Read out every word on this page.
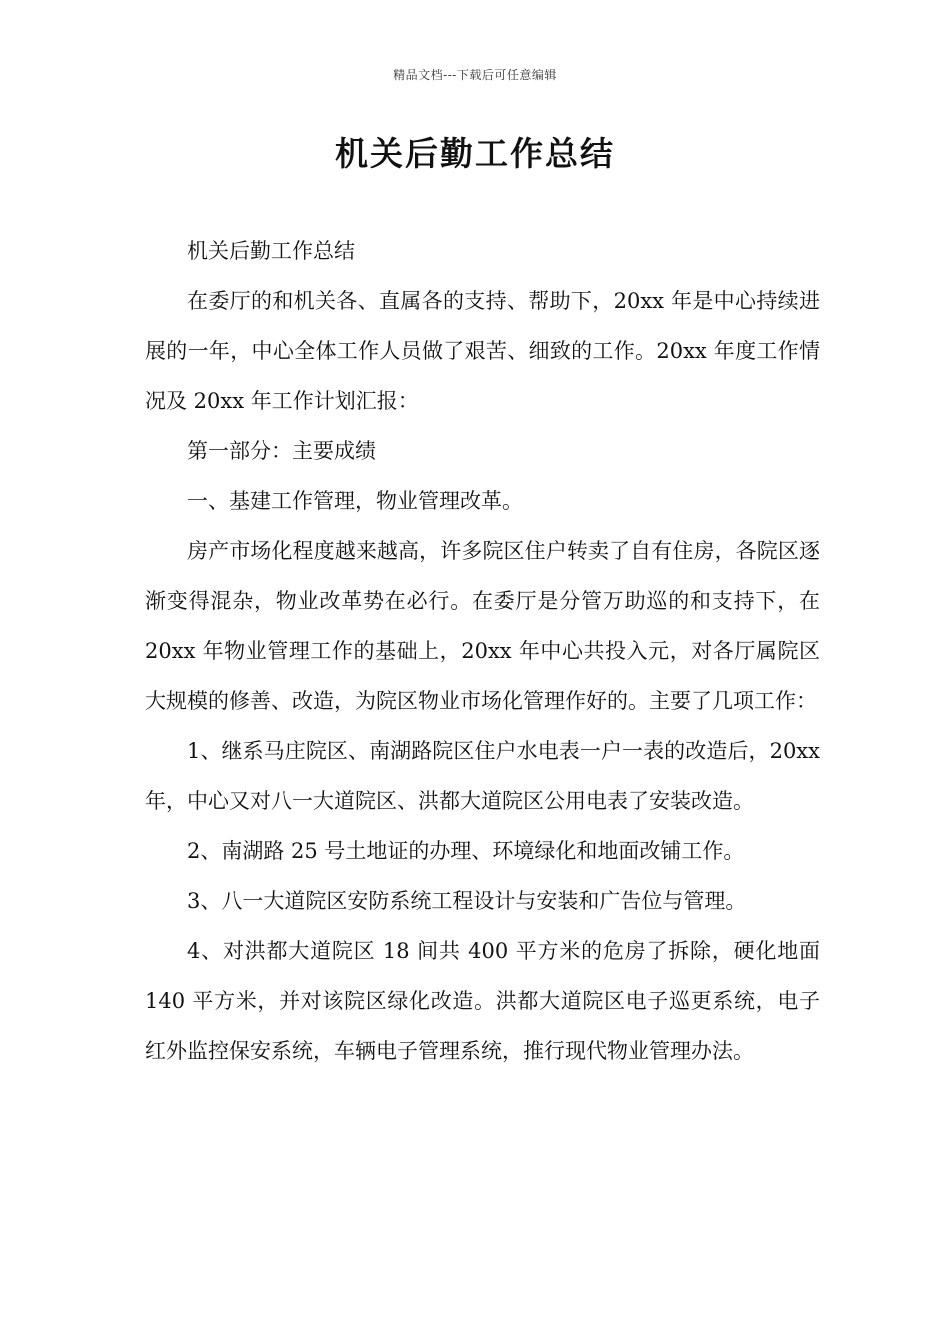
精品文档---下载后可任意编辑
机关后勤工作总结

机关后勤工作总结

在委厅的和机关各、直属各的支持、帮助下，20xx 年是中心持续进展的一年，中心全体工作人员做了艰苦、细致的工作。20xx 年度工作情况及 20xx 年工作计划汇报：

第一部分：主要成绩

一、基建工作管理，物业管理改革。

房产市场化程度越来越高，许多院区住户转卖了自有住房，各院区逐渐变得混杂，物业改革势在必行。在委厅是分管万助巡的和支持下，在 20xx 年物业管理工作的基础上，20xx 年中心共投入元，对各厅属院区大规模的修善、改造，为院区物业市场化管理作好的。主要了几项工作：

1、继系马庄院区、南湖路院区住户水电表一户一表的改造后，20xx 年，中心又对八一大道院区、洪都大道院区公用电表了安装改造。

2、南湖路 25 号土地证的办理、环境绿化和地面改铺工作。

3、八一大道院区安防系统工程设计与安装和广告位与管理。

4、对洪都大道院区 18 间共 400 平方米的危房了拆除，硬化地面 140 平方米，并对该院区绿化改造。洪都大道院区电子巡更系统，电子红外监控保安系统，车辆电子管理系统，推行现代物业管理办法。
